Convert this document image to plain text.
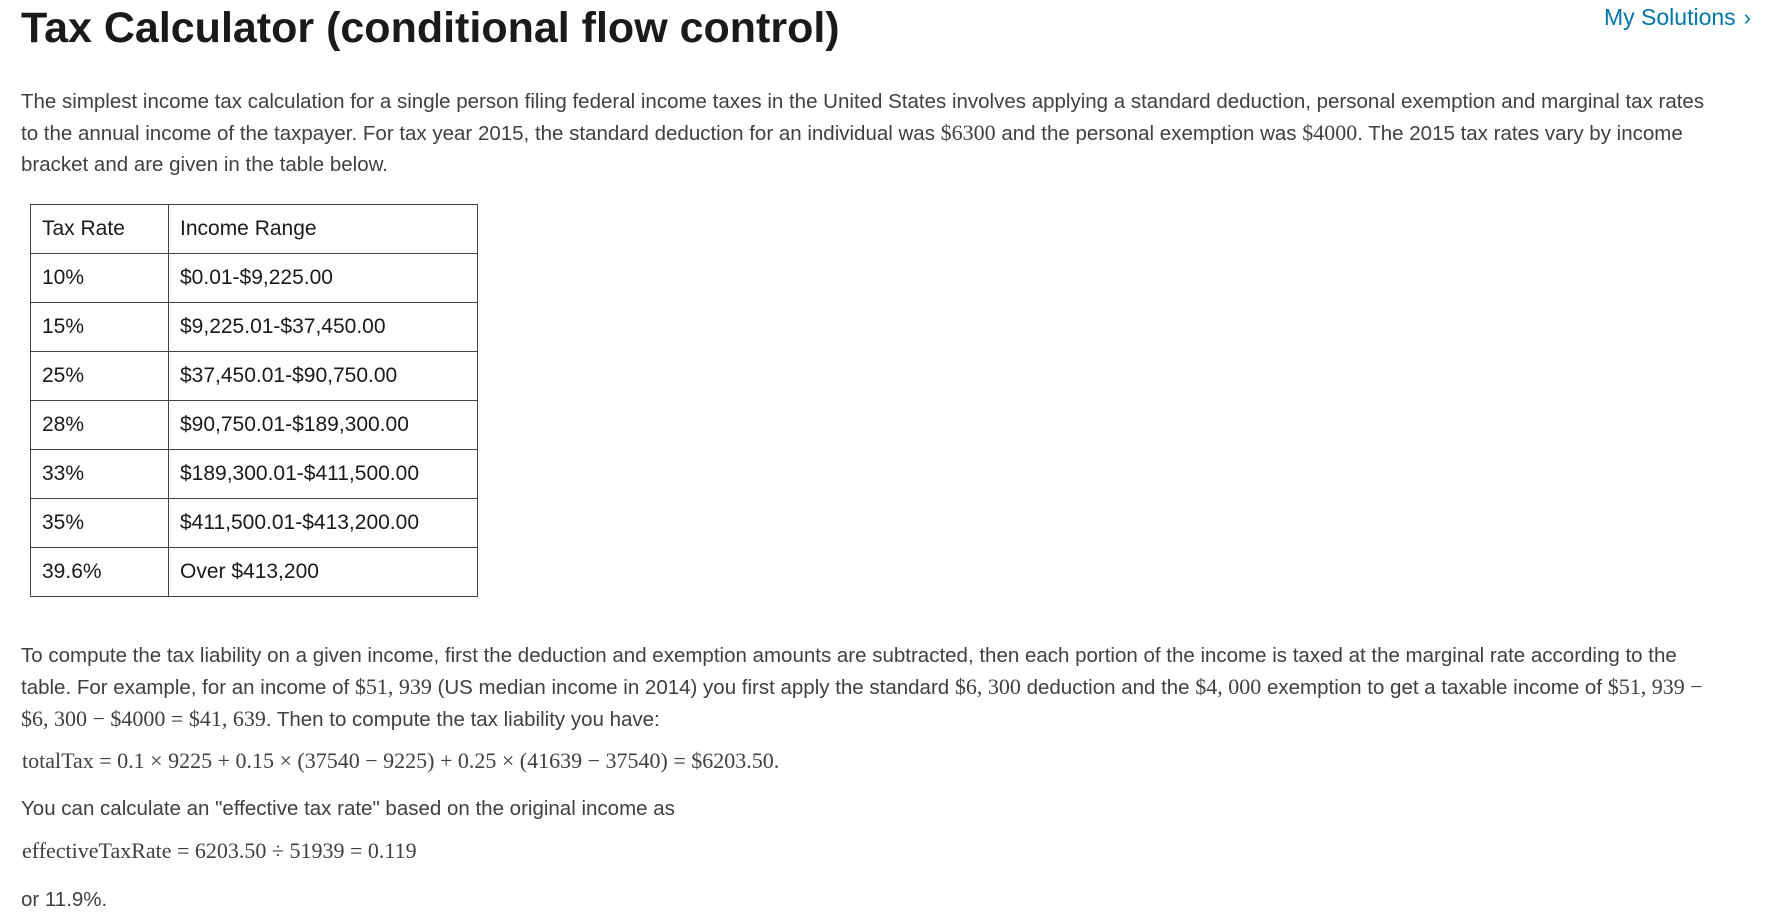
Tax Calculator (conditional flow control)	My Solutions ›

The simplest income tax calculation for a single person filing federal income taxes in the United States involves applying a standard deduction, personal exemption and marginal tax rates to the annual income of the taxpayer. For tax year 2015, the standard deduction for an individual was $6300 and the personal exemption was $4000. The 2015 tax rates vary by income bracket and are given in the table below.

Tax Rate	Income Range
10%	$0.01-$9,225.00
15%	$9,225.01-$37,450.00
25%	$37,450.01-$90,750.00
28%	$90,750.01-$189,300.00
33%	$189,300.01-$411,500.00
35%	$411,500.01-$413,200.00
39.6%	Over $413,200

To compute the tax liability on a given income, first the deduction and exemption amounts are subtracted, then each portion of the income is taxed at the marginal rate according to the table. For example, for an income of $51, 939 (US median income in 2014) you first apply the standard $6, 300 deduction and the $4, 000 exemption to get a taxable income of $51, 939 − $6, 300 − $4000 = $41, 639. Then to compute the tax liability you have:

totalTax = 0.1 × 9225 + 0.15 × (37540 − 9225) + 0.25 × (41639 − 37540) = $6203.50.

You can calculate an "effective tax rate" based on the original income as

effectiveTaxRate = 6203.50 ÷ 51939 = 0.119

or 11.9%.
